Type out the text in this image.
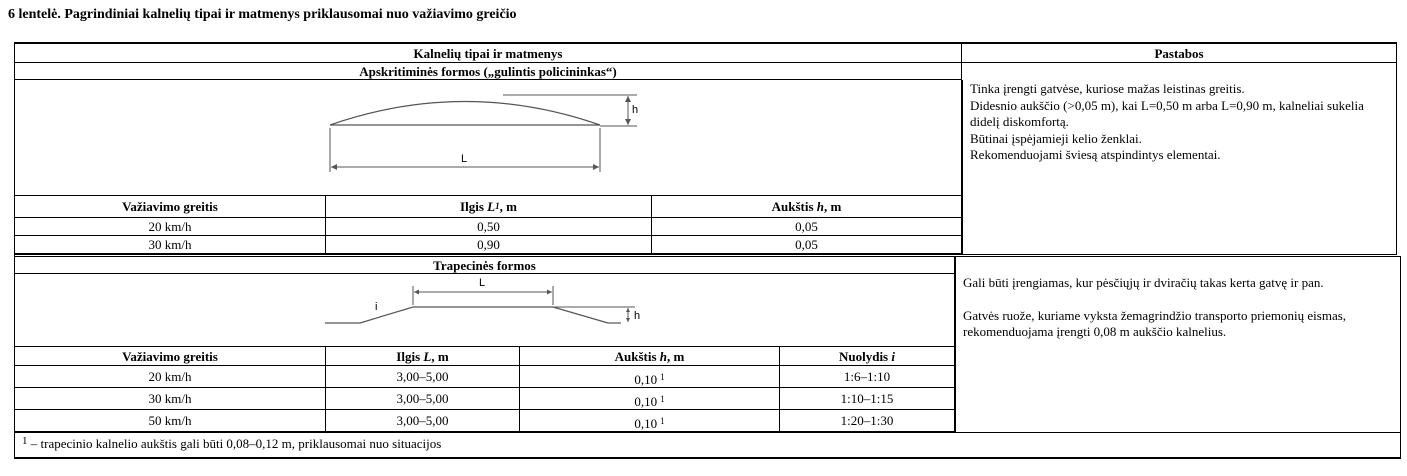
6 lentelė. Pagrindiniai kalnelių tipai ir matmenys priklausomai nuo važiavimo greičio
Kalnelių tipai ir matmenys	Pastabos
Apskritiminės formos („gulintis policininkas“)
h
L
Tinka įrengti gatvėse, kuriose mažas leistinas greitis.
Didesnio aukščio (>0,05 m), kai L=0,50 m arba L=0,90 m, kalneliai sukelia didelį diskomfortą.
Būtinai įspėjamieji kelio ženklai.
Rekomenduojami šviesą atspindintys elementai.
Važiavimo greitis	Ilgis L 1 , m	Aukštis h , m
20 km/h	0,50	0,05
30 km/h	0,90	0,05
Trapecinės formos
L
i
h
Gali būti įrengiamas, kur pėsčiųjų ir dviračių takas kerta gatvę ir pan.
Gatvės ruože, kuriame vyksta žemagrindžio transporto priemonių eismas, rekomenduojama įrengti 0,08 m aukščio kalnelius.
Važiavimo greitis	Ilgis L , m	Aukštis h , m	Nuolydis i
20 km/h	3,00–5,00	0,10 1	1:6–1:10
30 km/h	3,00–5,00	0,10 1	1:10–1:15
50 km/h	3,00–5,00	0,10 1	1:20–1:30
$^1$ – trapecinio kalnelio aukštis gali būti 0,08–0,12 m, priklausomai nuo situacijos
